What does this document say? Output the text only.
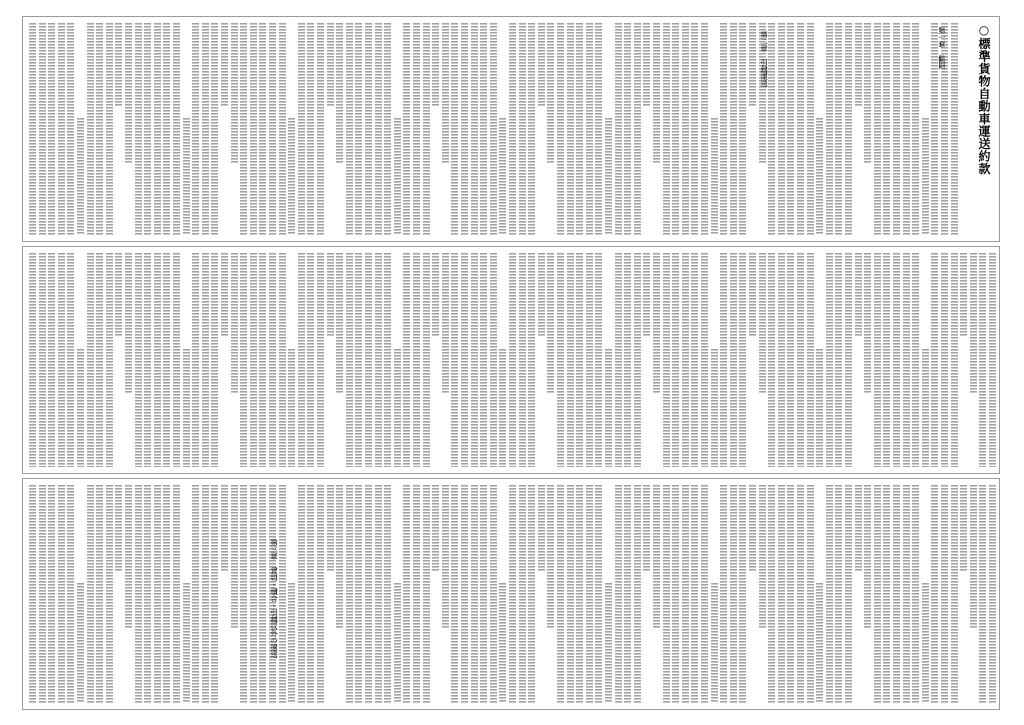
○標準貨物自動車運送約款
